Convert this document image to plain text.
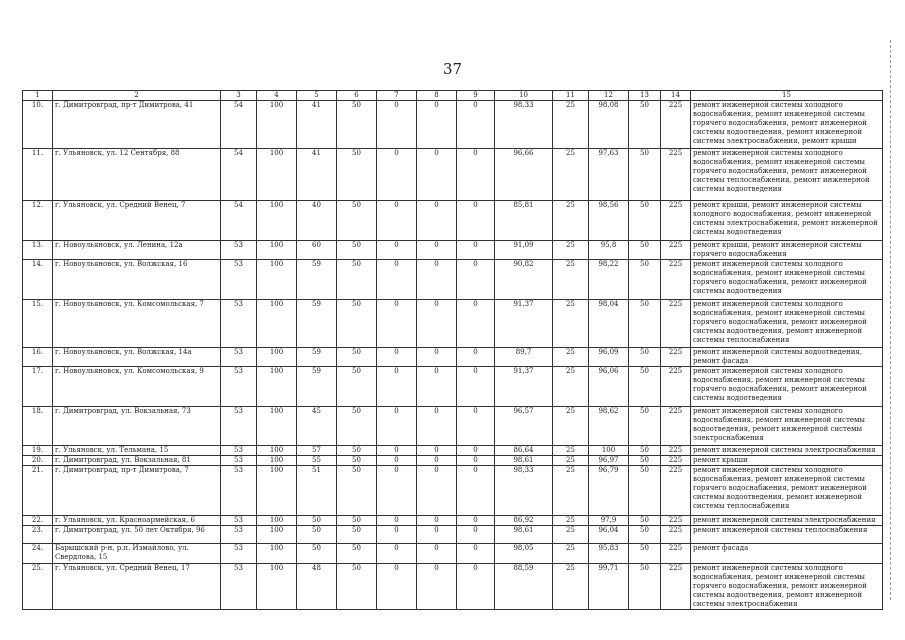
37
1	2	3	4	5	6	7	8	9	10	11	12	13	14	15
10.	г. Димитровград, пр-т Димитрова, 41	54	100	41	50	0	0	0	98,33	25	98,08	50	225	ремонт инженерной системы холодного водоснабжения, ремонт инженерной системы горячего водоснабжения, ремонт инженерной системы водоотведения, ремонт инженерной системы электроснабжения, ремонт крыши
11.	г. Ульяновск, ул. 12 Сентября, 88	54	100	41	50	0	0	0	96,66	25	97,63	50	225	ремонт инженерной системы холодного водоснабжения, ремонт инженерной системы горячего водоснабжения, ремонт инженерной системы теплоснабжения, ремонт инженерной системы водоотведения
12.	г. Ульяновск, ул. Средний Венец, 7	54	100	40	50	0	0	0	85,81	25	98,56	50	225	ремонт крыши, ремонт инженерной системы холодного водоснабжения, ремонт инженерной системы электроснабжения, ремонт инженерной системы водоотведения
13.	г. Новоульяновск, ул. Ленина, 12а	53	100	60	50	0	0	0	91,09	25	95,8	50	225	ремонт крыши, ремонт инженерной системы горячего водоснабжения
14.	г. Новоульяновск, ул. Волжская, 16	53	100	59	50	0	0	0	90,82	25	98,22	50	225	ремонт инженерной системы холодного водоснабжения, ремонт инженерной системы горячего водоснабжения, ремонт инженерной системы водоотведения
15.	г. Новоульяновск, ул. Комсомольская, 7	53	100	59	50	0	0	0	91,37	25	98,04	50	225	ремонт инженерной системы холодного водоснабжения, ремонт инженерной системы горячего водоснабжения, ремонт инженерной системы водоотведения, ремонт инженерной системы теплоснабжения
16.	г. Новоульяновск, ул. Волжская, 14а	53	100	59	50	0	0	0	89,7	25	96,09	50	225	ремонт инженерной системы водоотведения, ремонт фасада
17.	г. Новоульяновск, ул. Комсомольская, 9	53	100	59	50	0	0	0	91,37	25	96,06	50	225	ремонт инженерной системы холодного водоснабжения, ремонт инженерной системы горячего водоснабжения, ремонт инженерной системы водоотведения
18.	г. Димитровград, ул. Вокзальная, 73	53	100	45	50	0	0	0	96,57	25	98,62	50	225	ремонт инженерной системы холодного водоснабжения, ремонт инженерной системы водоотведения, ремонт инженерной системы электроснабжения
19.	г. Ульяновск, ул. Тельмана, 15	53	100	57	50	0	0	0	86,64	25	100	50	225	ремонт инженерной системы электроснабжения
20.	г. Димитровград, ул. Вокзальная, 81	53	100	55	50	0	0	0	98,61	25	96,97	50	225	ремонт крыши
21.	г. Димитровград, пр-т Димитрова, 7	53	100	51	50	0	0	0	98,33	25	96,79	50	225	ремонт инженерной системы холодного водоснабжения, ремонт инженерной системы горячего водоснабжения, ремонт инженерной системы водоотведения, ремонт инженерной системы теплоснабжения
22.	г. Ульяновск, ул. Красноармейская, 6	53	100	50	50	0	0	0	86,92	25	97,9	50	225	ремонт инженерной системы электроснабжения
23.	г. Димитровград, ул. 50 лет Октября, 96	53	100	50	50	0	0	0	98,61	25	96,04	50	225	ремонт инженерной системы теплоснабжения
24.	Барышский р-н, р.п. Измайлово, ул. Свердлова, 15	53	100	50	50	0	0	0	98,05	25	95,83	50	225	ремонт фасада
25.	г. Ульяновск, ул. Средний Венец, 17	53	100	48	50	0	0	0	88,59	25	99,71	50	225	ремонт инженерной системы холодного водоснабжения, ремонт инженерной системы горячего водоснабжения, ремонт инженерной системы водоотведения, ремонт инженерной системы электроснабжения
